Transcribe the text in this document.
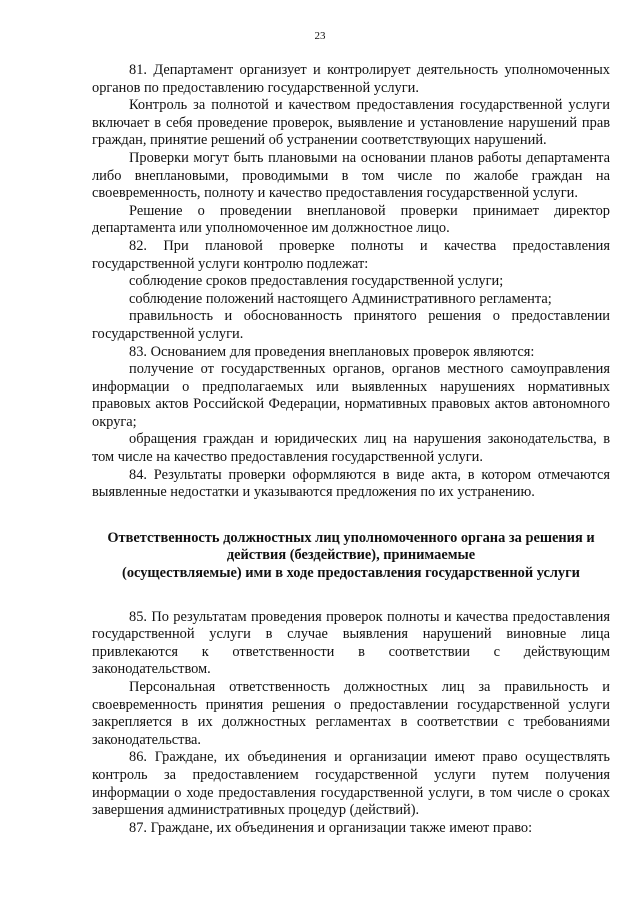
23

81. Департамент организует и контролирует деятельность уполномоченных органов по предоставлению государственной услуги.

Контроль за полнотой и качеством предоставления государственной услуги включает в себя проведение проверок, выявление и установление нарушений прав граждан, принятие решений об устранении соответствующих нарушений.

Проверки могут быть плановыми на основании планов работы департамента либо внеплановыми, проводимыми в том числе по жалобе граждан на своевременность, полноту и качество предоставления государственной услуги.

Решение о проведении внеплановой проверки принимает директор департамента или уполномоченное им должностное лицо.

82. При плановой проверке полноты и качества предоставления государственной услуги контролю подлежат:

соблюдение сроков предоставления государственной услуги;

соблюдение положений настоящего Административного регламента;

правильность и обоснованность принятого решения о предоставлении государственной услуги.

83. Основанием для проведения внеплановых проверок являются:

получение от государственных органов, органов местного самоуправления информации о предполагаемых или выявленных нарушениях нормативных правовых актов Российской Федерации, нормативных правовых актов автономного округа;

обращения граждан и юридических лиц на нарушения законодательства, в том числе на качество предоставления государственной услуги.

84. Результаты проверки оформляются в виде акта, в котором отмечаются выявленные недостатки и указываются предложения по их устранению.

Ответственность должностных лиц уполномоченного органа за решения и
действия (бездействие), принимаемые
(осуществляемые) ими в ходе предоставления государственной услуги

85. По результатам проведения проверок полноты и качества предоставления государственной услуги в случае выявления нарушений виновные лица привлекаются к ответственности в соответствии с действующим законодательством.

Персональная ответственность должностных лиц за правильность и своевременность принятия решения о предоставлении государственной услуги закрепляется в их должностных регламентах в соответствии с требованиями законодательства.

86. Граждане, их объединения и организации имеют право осуществлять контроль за предоставлением государственной услуги путем получения информации о ходе предоставления государственной услуги, в том числе о сроках завершения административных процедур (действий).

87. Граждане, их объединения и организации также имеют право:
